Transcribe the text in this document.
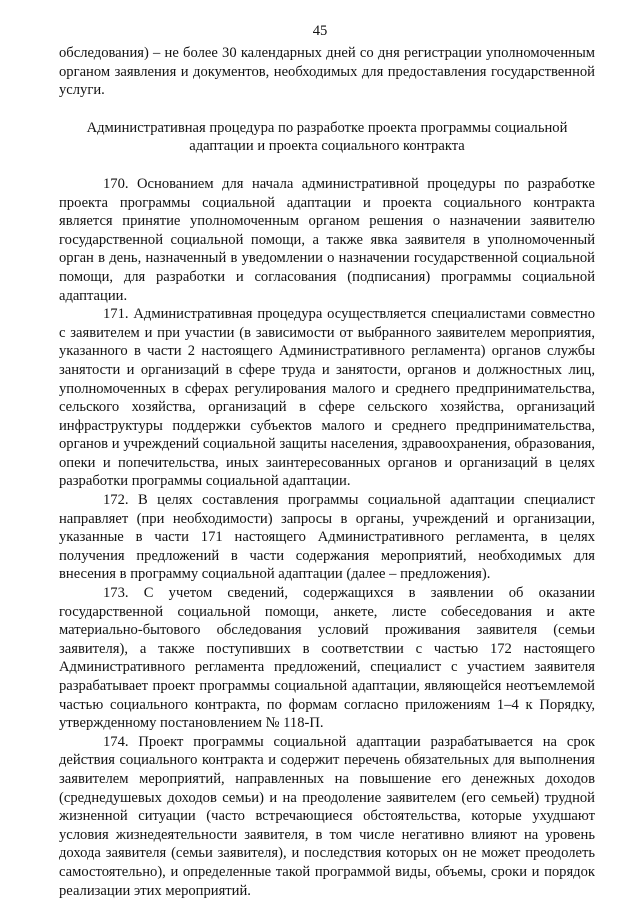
45

обследования) – не более 30 календарных дней со дня регистрации уполномоченным органом заявления и документов, необходимых для предоставления государственной услуги.

Административная процедура по разработке проекта программы социальной
адаптации и проекта социального контракта

170. Основанием для начала административной процедуры по разработке проекта программы социальной адаптации и проекта социального контракта является принятие уполномоченным органом решения о назначении заявителю государственной социальной помощи, а также явка заявителя в уполномоченный орган в день, назначенный в уведомлении о назначении государственной социальной помощи, для разработки и согласования (подписания) программы социальной адаптации.

171. Административная процедура осуществляется специалистами совместно с заявителем и при участии (в зависимости от выбранного заявителем мероприятия, указанного в части 2 настоящего Административного регламента) органов службы занятости и организаций в сфере труда и занятости, органов и должностных лиц, уполномоченных в сферах регулирования малого и среднего предпринимательства, сельского хозяйства, организаций в сфере сельского хозяйства, организаций инфраструктуры поддержки субъектов малого и среднего предпринимательства, органов и учреждений социальной защиты населения, здравоохранения, образования, опеки и попечительства, иных заинтересованных органов и организаций в целях разработки программы социальной адаптации.

172. В целях составления программы социальной адаптации специалист направляет (при необходимости) запросы в органы, учреждений и организации, указанные в части 171 настоящего Административного регламента, в целях получения предложений в части содержания мероприятий, необходимых для внесения в программу социальной адаптации (далее – предложения).

173. С учетом сведений, содержащихся в заявлении об оказании государственной социальной помощи, анкете, листе собеседования и акте материально-бытового обследования условий проживания заявителя (семьи заявителя), а также поступивших в соответствии с частью 172 настоящего Административного регламента предложений, специалист с участием заявителя разрабатывает проект программы социальной адаптации, являющейся неотъемлемой частью социального контракта, по формам согласно приложениям 1–4 к Порядку, утвержденному постановлением № 118-П.

174. Проект программы социальной адаптации разрабатывается на срок действия социального контракта и содержит перечень обязательных для выполнения заявителем мероприятий, направленных на повышение его денежных доходов (среднедушевых доходов семьи) и на преодоление заявителем (его семьей) трудной жизненной ситуации (часто встречающиеся обстоятельства, которые ухудшают условия жизнедеятельности заявителя, в том числе негативно влияют на уровень дохода заявителя (семьи заявителя), и последствия которых он не может преодолеть самостоятельно), и определенные такой программой виды, объемы, сроки и порядок реализации этих мероприятий.
